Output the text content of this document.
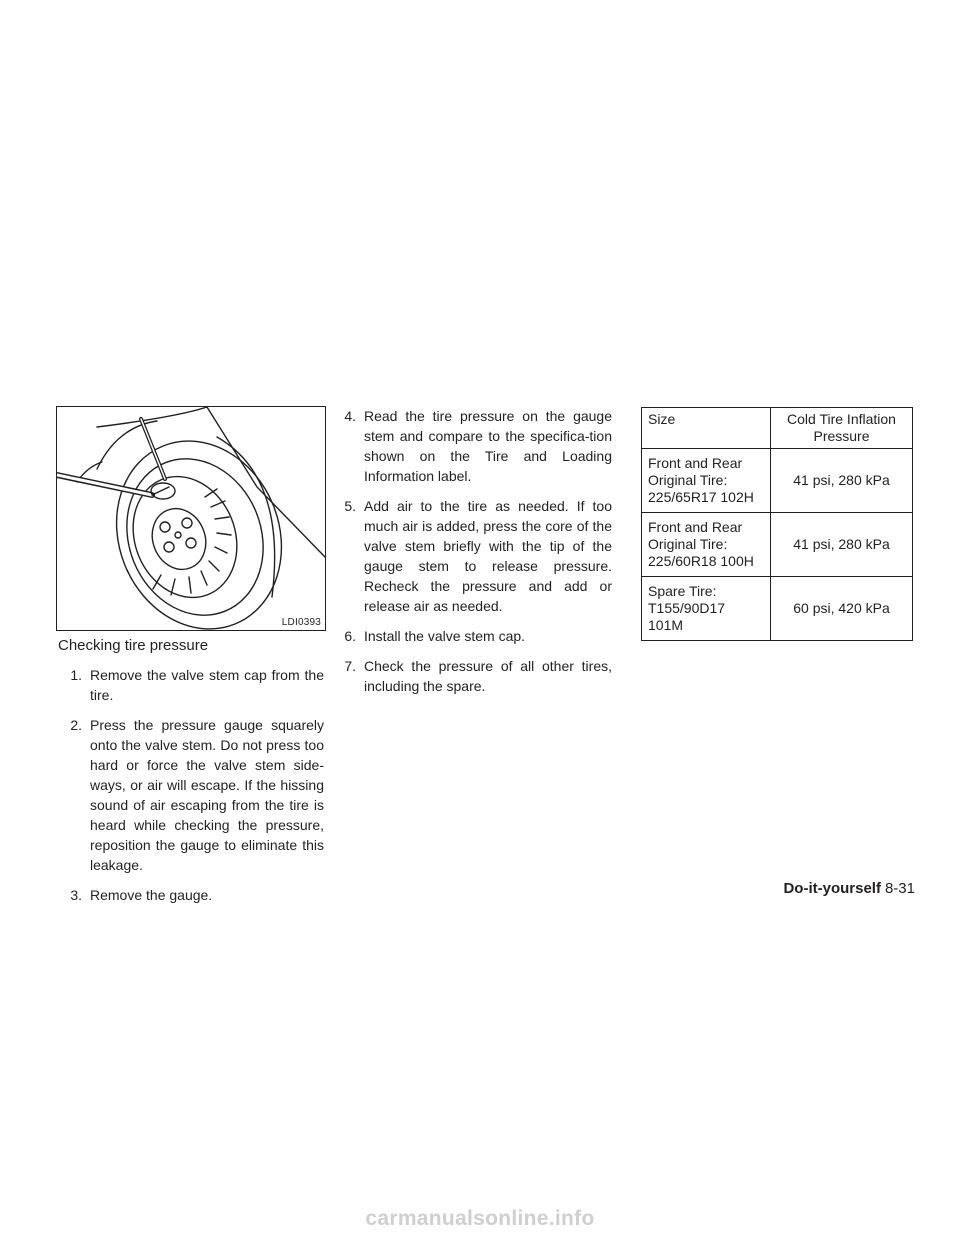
LDI0393
Checking tire pressure
1 . Remove the valve stem cap from the tire.
2 . Press the pressure gauge squarely onto the valve stem. Do not press too hard or force the valve stem side-ways, or air will escape. If the hissing sound of air escaping from the tire is heard while checking the pressure, reposition the gauge to eliminate this leakage.
3 . Remove the gauge.
4 . Read the tire pressure on the gauge stem and compare to the specifica-tion shown on the Tire and Loading Information label.
5 . Add air to the tire as needed. If too much air is added, press the core of the valve stem briefly with the tip of the gauge stem to release pressure. Recheck the pressure and add or release air as needed.
6 . Install the valve stem cap.
7 . Check the pressure of all other tires, including the spare.
Size	Cold Tire Inflation Pressure

Front and Rear
Original Tire:
225/65R17 102H	41 psi, 280 kPa

Front and Rear
Original Tire:
225/60R18 100H	41 psi, 280 kPa

Spare Tire:
T155/90D17
101M	60 psi, 420 kPa
Do-it-yourself 8-31
carmanualsonline.info
